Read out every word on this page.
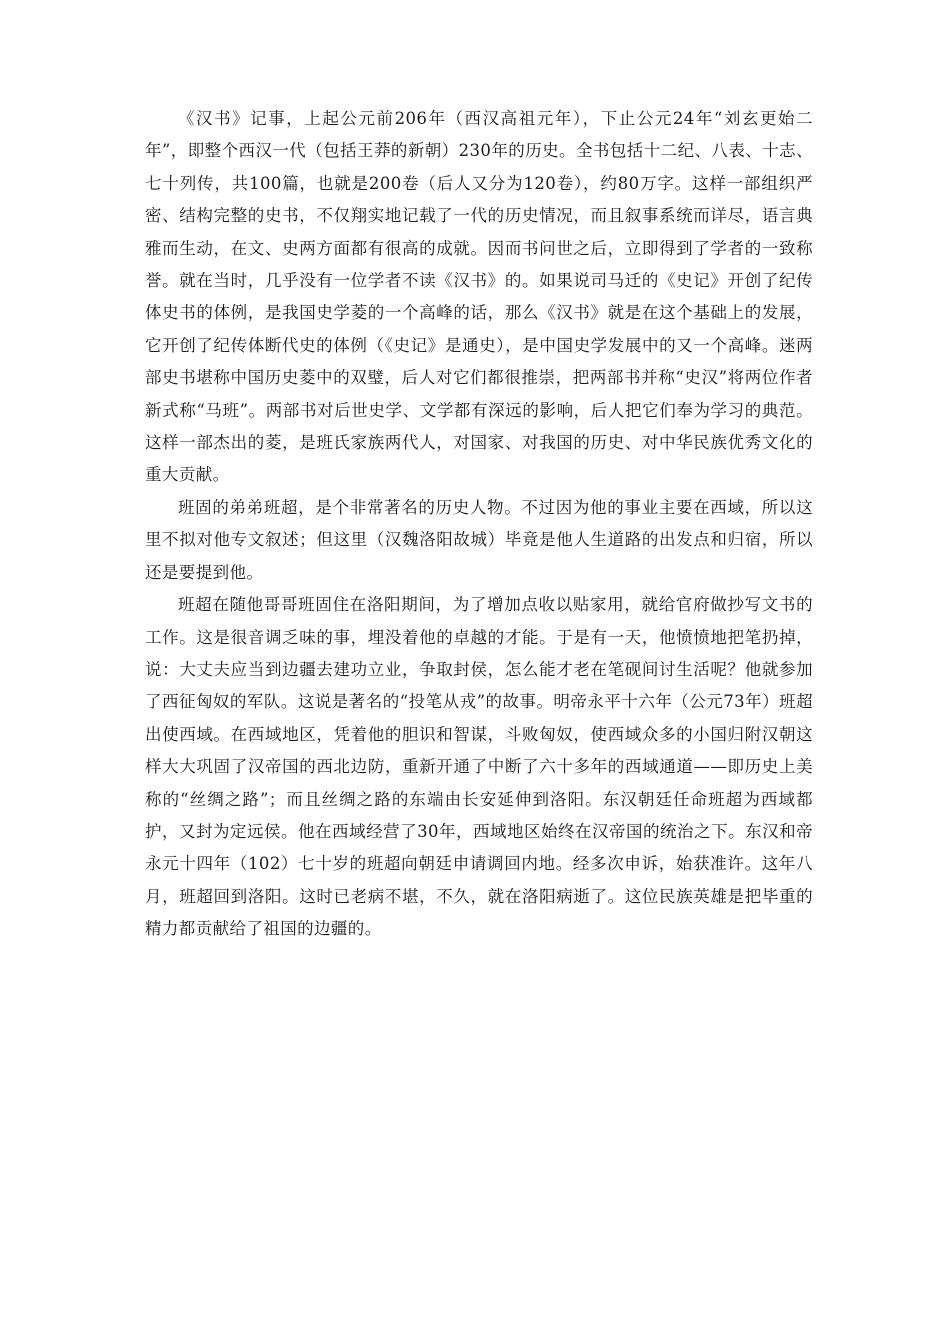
《汉书》记事，上起公元前206年（西汉高祖元年），下止公元24年“刘玄更始二年”，即整个西汉一代（包括王莽的新朝）230年的历史。全书包括十二纪、八表、十志、七十列传，共100篇，也就是200卷（后人又分为120卷），约80万字。这样一部组织严密、结构完整的史书，不仅翔实地记载了一代的历史情况，而且叙事系统而详尽，语言典雅而生动，在文、史两方面都有很高的成就。因而书问世之后，立即得到了学者的一致称誉。就在当时，几乎没有一位学者不读《汉书》的。如果说司马迁的《史记》开创了纪传体史书的体例，是我国史学菱的一个高峰的话，那么《汉书》就是在这个基础上的发展，它开创了纪传体断代史的体例（《史记》是通史），是中国史学发展中的又一个高峰。迷两部史书堪称中国历史菱中的双璧，后人对它们都很推崇，把两部书并称“史汉”将两位作者新式称“马班”。两部书对后世史学、文学都有深远的影响，后人把它们奉为学习的典范。这样一部杰出的菱，是班氏家族两代人，对国家、对我国的历史、对中华民族优秀文化的重大贡献。

班固的弟弟班超，是个非常著名的历史人物。不过因为他的事业主要在西域，所以这里不拟对他专文叙述；但这里（汉魏洛阳故城）毕竟是他人生道路的出发点和归宿，所以还是要提到他。

班超在随他哥哥班固住在洛阳期间，为了增加点收以贴家用，就给官府做抄写文书的工作。这是很音调乏味的事，埋没着他的卓越的才能。于是有一天，他愤愤地把笔扔掉，说：大丈夫应当到边疆去建功立业，争取封侯，怎么能才老在笔砚间讨生活呢？他就参加了西征匈奴的军队。这说是著名的“投笔从戎”的故事。明帝永平十六年（公元73年）班超出使西域。在西域地区，凭着他的胆识和智谋，斗败匈奴，使西域众多的小国归附汉朝这样大大巩固了汉帝国的西北边防，重新开通了中断了六十多年的西域通道——即历史上美称的“丝绸之路”；而且丝绸之路的东端由长安延伸到洛阳。东汉朝廷任命班超为西域都护，又封为定远侯。他在西域经营了30年，西域地区始终在汉帝国的统治之下。东汉和帝永元十四年（102）七十岁的班超向朝廷申请调回内地。经多次申诉，始获准许。这年八月，班超回到洛阳。这时已老病不堪，不久，就在洛阳病逝了。这位民族英雄是把毕重的精力都贡献给了祖国的边疆的。
